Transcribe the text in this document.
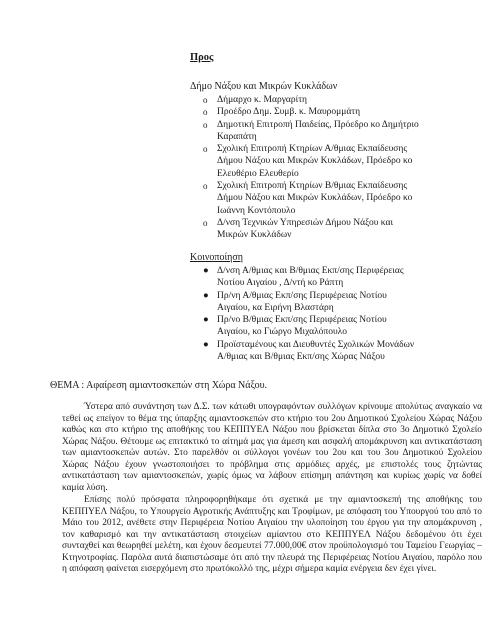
Προς
Δήμο Νάξου και Μικρών Κυκλάδων
o Δήμαρχο κ. Μαργαρίτη
o Προέδρο Δημ. Συμβ. κ. Μαυρομμάτη
o Δημοτική Επιτροπή Παιδείας, Πρόεδρο κο Δημήτριο
Καραπάτη
o Σχολική Επιτροπή Κτηρίων Α/θμιας Εκπαίδευσης
Δήμου Νάξου και Μικρών Κυκλάδων, Πρόεδρο κο
Ελευθέριο Ελευθερίο
o Σχολική Επιτροπή Κτηρίων Β/θμιας Εκπαίδευσης
Δήμου Νάξου και Μικρών Κυκλάδων, Πρόεδρο κο
Ιωάννη Κοντόπουλο
o Δ/νση Τεχνικών Υπηρεσιών Δήμου Νάξου και
Μικρών Κυκλάδων
Κοινοποίηση
● Δ/νση Α/θμιας και Β/θμιας Εκπ/σης Περιφέρειας
Νοτίου Αιγαίου , Δ/ντή κο Ράπτη
● Πρ/νη Α/θμιας Εκπ/σης Περιφέρειας Νοτίου
Αιγαίου, κα Ειρήνη Βλαστάρη
● Πρ/νο Β/θμιας Εκπ/σης Περιφέρειας Νοτίου
Αιγαίου, κο Γιώργο Μιχαλόπουλο
● Προϊσταμένους και Διευθυντές Σχολικών Μονάδων
Α/θμιας και Β/θμιας Εκπ/σης Χώρας Νάξου
ΘΕΜΑ : Αφαίρεση αμιαντοσκεπών στη Χώρα Νάξου.

Ύστερα από συνάντηση των Δ.Σ. των κάτωθι υπογραφόντων συλλόγων κρίνουμε απολύτως αναγκαίο να τεθεί ως επείγον το θέμα της ύπαρξης αμιαντοσκεπών στο κτήριο του 2ου Δημοτικού Σχολείου Χώρας Νάξου καθώς και στο κτήριο της αποθήκης του ΚΕΠΠΥΕΛ Νάξου που βρίσκεται δίπλα στο 3ο Δημοτικό Σχολείο Χώρας Νάξου. Θέτουμε ως επιτακτικό το αίτημά μας για άμεση και ασφαλή απομάκρυνση και αντικατάσταση των αμιαντοσκεπών αυτών. Στο παρελθόν οι σύλλογοι γονέων του 2ου και του 3ου Δημοτικού Σχολείου Χώρας Νάξου έχουν γνωστοποιήσει το πρόβλημα στις αρμόδιες αρχές, με επιστολές τους ζητώντας αντικατάσταση των αμιαντοσκεπών, χωρίς όμως να λάβουν επίσημη απάντηση και κυρίως χωρίς να δοθεί καμία λύση.

Επίσης πολύ πρόσφατα πληροφορηθήκαμε ότι σχετικά με την αμιαντοσκεπή της αποθήκης του ΚΕΠΠΥΕΛ Νάξου, το Υπουργείο Αγροτικής Ανάπτυξης και Τροφίμων, με απόφαση του Υπουργού του από το Μάιο του 2012, ανέθετε στην Περιφέρεια Νοτίου Αιγαίου την υλοποίηση του έργου για την απομάκρυνση , τον καθαρισμό και την αντικατάσταση στοιχείων αμίαντου στο ΚΕΠΠΥΕΛ Νάξου δεδομένου ότι έχει συνταχθεί και θεωρηθεί μελέτη, και έχουν δεσμευτεί 77.000,00€ στον προϋπολογισμό του Ταμείου Γεωργίας – Κτηνοτροφίας. Παρόλα αυτά διαπιστώσαμε ότι από την πλευρά της Περιφέρειας Νοτίου Αιγαίου, παρόλο που η απόφαση φαίνεται εισερχόμενη στο πρωτόκολλό της, μέχρι σήμερα καμία ενέργεια δεν έχει γίνει.
